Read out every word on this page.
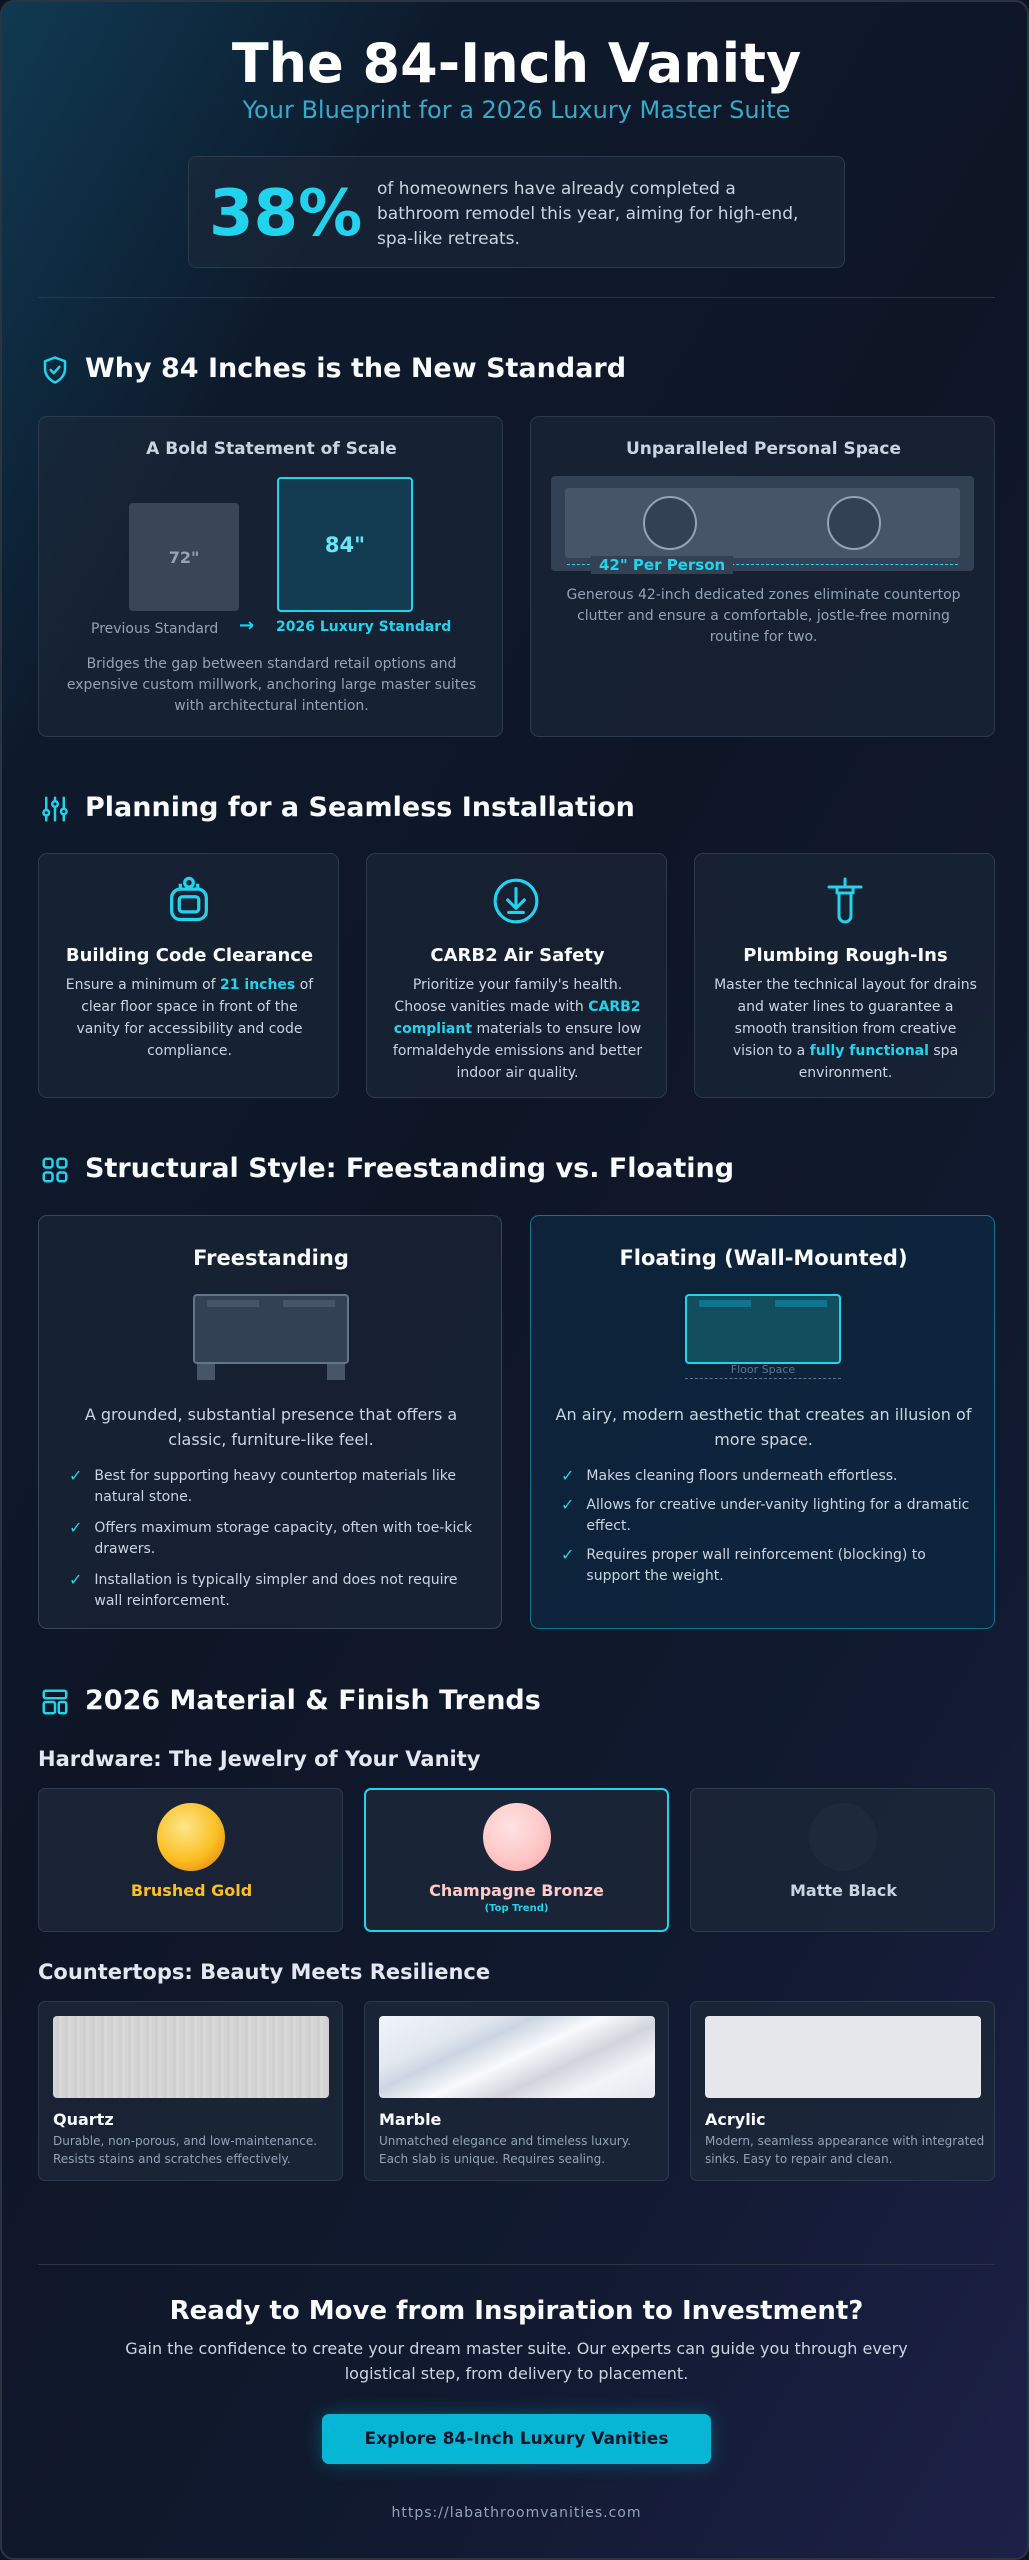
The 84-Inch Vanity
Your Blueprint for a 2026 Luxury Master Suite
38% of homeowners have already completed a bathroom remodel this year, aiming for high-end, spa-like retreats.
Why 84 Inches is the New Standard
A Bold Statement of Scale
72"
84"
Previous Standard → 2026 Luxury Standard
Bridges the gap between standard retail options and expensive custom millwork, anchoring large master suites with architectural intention.
Unparalleled Personal Space
42" Per Person
Generous 42-inch dedicated zones eliminate countertop clutter and ensure a comfortable, jostle-free morning routine for two.
Planning for a Seamless Installation
Building Code Clearance
Ensure a minimum of 21 inches of clear floor space in front of the vanity for accessibility and code compliance.
CARB2 Air Safety
Prioritize your family's health. Choose vanities made with CARB2 compliant materials to ensure low formaldehyde emissions and better indoor air quality.
Plumbing Rough-Ins
Master the technical layout for drains and water lines to guarantee a smooth transition from creative vision to a fully functional spa environment.
Structural Style: Freestanding vs. Floating
Freestanding
A grounded, substantial presence that offers a classic, furniture-like feel.
✓ Best for supporting heavy countertop materials like natural stone.
✓ Offers maximum storage capacity, often with toe-kick drawers.
✓ Installation is typically simpler and does not require wall reinforcement.
Floating (Wall-Mounted)
Floor Space
An airy, modern aesthetic that creates an illusion of more space.
✓ Makes cleaning floors underneath effortless.
✓ Allows for creative under-vanity lighting for a dramatic effect.
✓ Requires proper wall reinforcement (blocking) to support the weight.
2026 Material & Finish Trends
Hardware: The Jewelry of Your Vanity
Brushed Gold	Champagne Bronze
(Top Trend)
Matte Black
Countertops: Beauty Meets Resilience
Quartz
Durable, non-porous, and low-maintenance. Resists stains and scratches effectively.
Marble
Unmatched elegance and timeless luxury. Each slab is unique. Requires sealing.
Acrylic
Modern, seamless appearance with integrated sinks. Easy to repair and clean.
Ready to Move from Inspiration to Investment?
Gain the confidence to create your dream master suite. Our experts can guide you through every logistical step, from delivery to placement.
Explore 84-Inch Luxury Vanities
https://labathroomvanities.com
